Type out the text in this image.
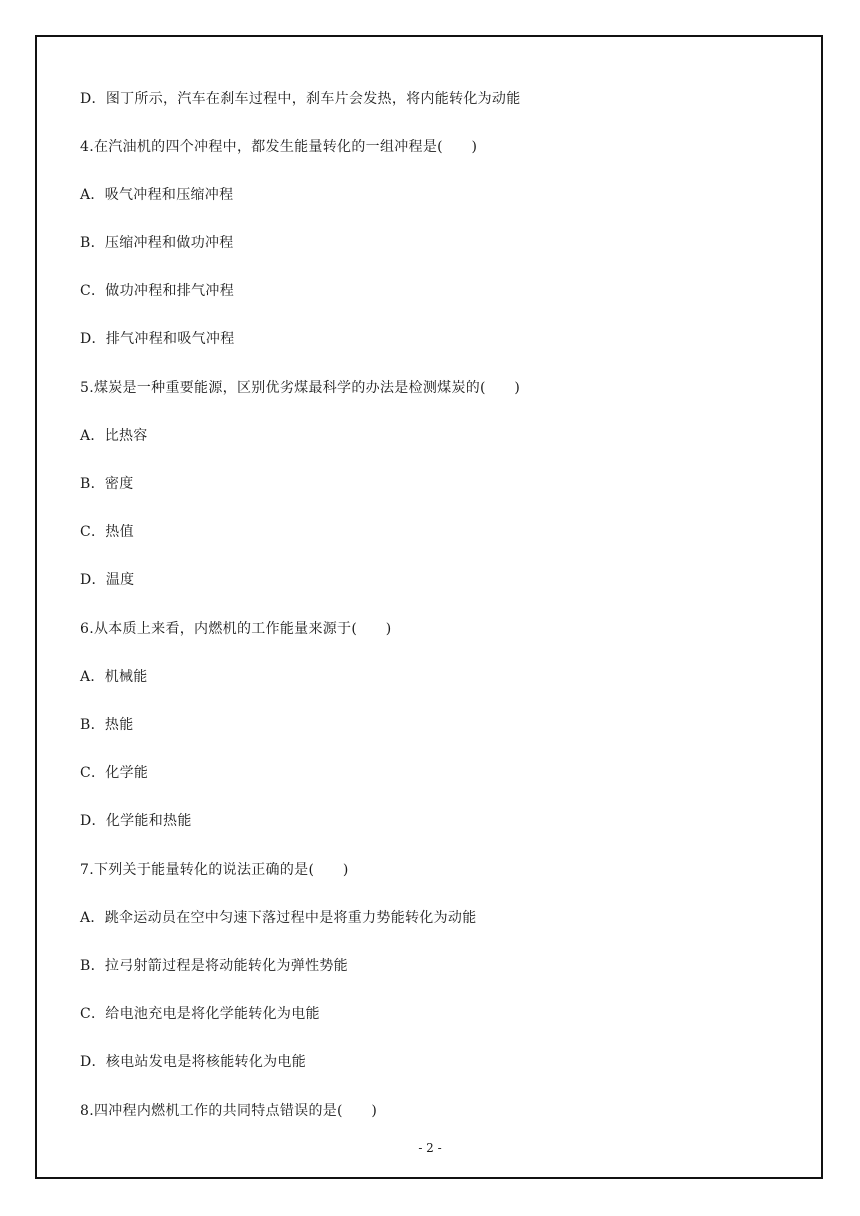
D．图丁所示，汽车在刹车过程中，刹车片会发热，将内能转化为动能
4.在汽油机的四个冲程中，都发生能量转化的一组冲程是(　　)
A．吸气冲程和压缩冲程
B．压缩冲程和做功冲程
C．做功冲程和排气冲程
D．排气冲程和吸气冲程
5.煤炭是一种重要能源，区别优劣煤最科学的办法是检测煤炭的(　　)
A．比热容
B．密度
C．热值
D．温度
6.从本质上来看，内燃机的工作能量来源于(　　)
A．机械能
B．热能
C．化学能
D．化学能和热能
7.下列关于能量转化的说法正确的是(　　)
A．跳伞运动员在空中匀速下落过程中是将重力势能转化为动能
B．拉弓射箭过程是将动能转化为弹性势能
C．给电池充电是将化学能转化为电能
D．核电站发电是将核能转化为电能
8.四冲程内燃机工作的共同特点错误的是(　　)
- 2 -
